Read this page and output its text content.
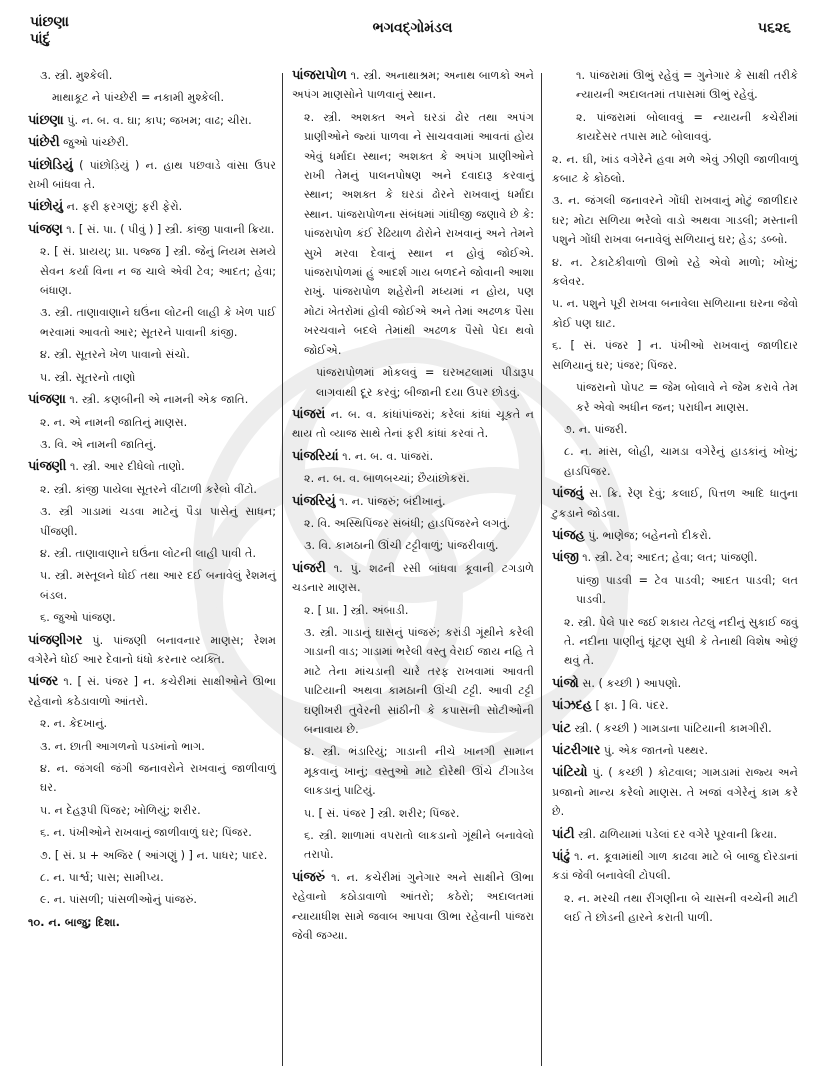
પાંછણા
પાંદું
ભગવદ્ગોમંડલ	૫૬૨૬
૩. સ્ત્રી. મુશ્કેલી.
માથાકૂટ ને પાંચ્છેરી = નકામી મુશ્કેલી.
પાંછણા પું. ન. બ. વ. ઘા; કાપ; જખમ; વાઢ; ચીરા.
પાંછેરી જુઓ પાંચ્છેરી.
પાંછોડિયું ( પાંછોડ઼િયું ) ન. હાથ પછવાડે વાંસા ઉપર રાખી બાંધવા તે.
પાંછોયું ન. ફરી ફરગણું; ફરી ફેરો.
પાંજણ ૧. [ સં. પા. ( પીવું ) ] સ્ત્રી. કાંજી પાવાની ક્રિયા.
૨. [ સં. પ્રાયય્; પ્રા. પજ્જ ] સ્ત્રી. જેનું નિયમ સમયે સેવન કર્યા વિના ન જ ચાલે એવી ટેવ; આદત; હેવા; બંધાણ.
૩. સ્ત્રી. તાણાવાણાને ઘઉંના લોટની લાહી કે ખેળ પાઈ ભરવામાં આવતો આર; સૂતરને પાવાની કાંજી.
૪. સ્ત્રી. સૂતરને ખેળ પાવાનો સંચો.
૫. સ્ત્રી. સૂતરનો તાણો
પાંજણા ૧. સ્ત્રી. કણબીની એ નામની એક જાતિ.
૨. ન. એ નામની જાતિનું માણસ.
૩. વિ. એ નામની જાતિનું.
પાંજણી ૧. સ્ત્રી. આર દીધેલો તાણો.
૨. સ્ત્રી. કાંજી પાયેલા સૂતરને વીંટાળી કરેલો વીંટો.
૩. સ્ત્રી ગાડામાં ચડવા માટેનું પૈડા પાસેનું સાધન; પીંજણી.
૪. સ્ત્રી. તાણાવાણાને ઘઉંના લોટની લાહી પાવી તે.
૫. સ્ત્રી. મસ્તૂલને ધોઈ તથા આર દઈ બનાવેલું રેશમનું બંડલ.
૬. જુઓ પાંજણ.
પાંજણીગર પું. પાંજણી બનાવનાર માણસ; રેશમ વગેરેને ધોઈ આર દેવાનો ધંધો કરનાર વ્યક્તિ.
પાંજર ૧. [ સં. પંજર ] ન. કચેરીમાં સાક્ષીઓને ઊભા રહેવાનો કઠેડાવાળો આંતરો.
૨. ન. કેદખાનું.
૩. ન. છાતી આગળનો પડખાંનો ભાગ.
૪. ન. જંગલી જંગી જનાવરોને રાખવાનું જાળીવાળું ઘર.
૫. ન દેહરૂપી પિંજર; ખોળિયું; શરીર.
૬. ન. પંખીઓને રાખવાનું જાળીવાળું ઘર; પિંજર.
૭. [ સં. પ્ર + અજિર ( આંગણું ) ] ન. પાધર; પાદર.
૮. ન. પાર્શ્વ; પાસ; સામીપ્ય.
૯. ન. પાંસળી; પાંસળીઓનું પાંજરું.
૧૦. ન. બાજુ; દિશા.
પાંજરાપોળ ૧. સ્ત્રી. અનાથાશ્રમ; અનાથ બાળકો અને અપંગ માણસોને પાળવાનું સ્થાન.
૨. સ્ત્રી. અશક્ત અને ઘરડાં ઢોર તથા અપંગ પ્રાણીઓને જ્યાં પાળવા ને સાચવવામાં આવતાં હોય એવું ધર્માદા સ્થાન; અશક્ત કે અપંગ પ્રાણીઓને રાખી તેમનું પાલનપોષણ અને દવાદારૂ કરવાનું સ્થાન; અશક્ત કે ઘરડાં ઢોરને રાખવાનું ધર્માદા સ્થાન. પાંજરાપોળના સંબંધમાં ગાંધીજી જણાવે છે કે: પાંજરાપોળ કંઈ રેઢિયાળ ઢોરોને રાખવાનું અને તેમને સુખે મરવા દેવાનું સ્થાન ન હોવું જોઈએ. પાંજરાપોળમાં હું આદર્શ ગાય બળદને જોવાની આશા રાખું. પાંજરાપોળ શહેરોની મધ્યમાં ન હોય, પણ મોટાં ખેતરોમાં હોવી જોઈએ અને તેમાં અઢળક પૈસા ખરચવાને બદલે તેમાંથી અઢળક પૈસો પેદા થવો જોઈએ.
પાંજરાપોળમાં મોકલવું = ઘરખટલામાં પીડારૂપ લાગવાથી દૂર કરવું; બીજાની દયા ઉપર છોડવું.
પાંજરાં ન. બ. વ. કાંધાંપાંજરાં; કરેલાં કાંધાં ચૂકતે ન થાય તો વ્યાજ સાથે તેનાં ફરી કાંધાં કરવાં તે.
પાંજરિયાં ૧. ન. બ. વ. પાંજરાં.
૨. ન. બ. વ. બાળબચ્ચાં; છૈયાંછોકરાં.
પાંજરિયું ૧. ન. પાંજરું; બંદીખાનું.
૨. વિ. અસ્થિપિંજર સંબંધી; હાડપિંજરને લગતું.
૩. વિ. કામઠાની ઊંચી ટટ્ટીવાળું; પાંજરીવાળું.
પાંજરી ૧. પું. શઢની રસી બાંધવા કૂવાની ટગડાળે ચડનાર માણસ.
૨. [ પ્રા. ] સ્ત્રી. અંબાડી.
૩. સ્ત્રી. ગાડાનું ઘાસનું પાંજરું; કરાંડી ગૂંથીને કરેલી ગાડાની વાડ; ગાડામાં ભરેલી વસ્તુ વેરાઈ જાય નહિ તે માટે તેના માંચડાની ચારે તરફ રાખવામાં આવતી પાટિયાની અથવા કામઠાની ઊંચી ટટ્ટી. આવી ટટ્ટી ઘણીખરી તુવેરની સાંઠીની કે કપાસની સોટીઓની બનાવાય છે.
૪. સ્ત્રી. ભંડારિયું; ગાડાની નીચે ખાનગી સામાન મૂકવાનું ખાનું; વસ્તુઓ માટે દોરેથી ઊંચે ટીંગાડેલ લાકડાનું પાટિયું.
૫. [ સં. પંજર ] સ્ત્રી. શરીર; પિંજર.
૬. સ્ત્રી. શાળામાં વપરાતો લાકડાનો ગૂંથીને બનાવેલો તરાપો.
પાંજરું ૧. ન. કચેરીમાં ગુનેગાર અને સાક્ષીને ઊભા રહેવાનો કઠોડાવાળો આંતરો; કઠેરો; અદાલતમાં ન્યાયાધીશ સામે જવાબ આપવા ઊભા રહેવાની પાંજરા જેવી જગ્યા.
૧. પાંજરામાં ઊભું રહેવું = ગુનેગાર કે સાક્ષી તરીકે ન્યાયની અદાલતમાં તપાસમાં ઊભું રહેવું.
૨. પાંજરામાં બોલાવવું = ન્યાયની કચેરીમાં કાયદેસર તપાસ માટે બોલાવવું.
૨. ન. ઘી, ખાંડ વગેરેને હવા મળે એવું ઝીણી જાળીવાળું કબાટ કે કોઠલો.
૩. ન. જંગલી જનાવરને ગોંધી રાખવાનું મોટું જાળીદાર ઘર; મોટા સળિયા ભરેલો વાડો અથવા ગાડલી; મસ્તાની પશુને ગોંધી રાખવા બનાવેલું સળિયાનું ઘર; હેડ; ડબ્બો.
૪. ન. ટેકાટેકીવાળો ઊભો રહે એવો માળો; ખોખું; કલેવર.
૫. ન. પશુને પૂરી રાખવા બનાવેલા સળિયાના ઘરના જેવો કોઈ પણ ઘાટ.
૬. [ સં. પંજર ] ન. પંખીઓ રાખવાનું જાળીદાર સળિયાનું ઘર; પંજર; પિંજર.
પાંજરાનો પોપટ = જેમ બોલાવે ને જેમ કરાવે તેમ કરે એવો અધીન જન; પરાધીન માણસ.
૭. ન. પાંજરી.
૮. ન. માંસ, લોહી, ચામડા વગેરેનું હાડકાંનું ખોખું; હાડપિંજર.
પાંજવું સ. ક્રિ. રેણ દેવું; કલાઈ, પિત્તળ આદિ ધાતુના ટુકડાને જોડવા.
પાંજહ પું. ભાણેજ; બહેનનો દીકરો.
પાંજી ૧. સ્ત્રી. ટેવ; આદત; હેવા; લત; પાંજણી.
પાંજી પાડવી = ટેવ પાડવી; આદત પાડવી; લત પાડવી.
૨. સ્ત્રી. પેલે પાર જઈ શકાય તેટલું નદીનું સુકાઈ જવું તે. નદીના પાણીનું ઘૂંટણ સુધી કે તેનાથી વિશેષ ઓછું થવું તે.
પાંજો સ. ( કચ્છી ) આપણો.
પાંઝદહ [ ફા. ] વિ. પંદર.
પાંટ સ્ત્રી. ( કચ્છી ) ગામડાના પાંટિયાની કામગીરી.
પાંટરીગાર પું. એક જાતનો પથ્થર.
પાંટિયો પું. ( કચ્છી ) કોટવાલ; ગામડામાં રાજ્ય અને પ્રજાનો માન્ય કરેલો માણસ. તે ખજાં વગેરેનું કામ કરે છે.
પાંટી સ્ત્રી. ઢાળિયામાં પડેલાં દર વગેરે પૂરવાની ક્રિયા.
પાંઢું ૧. ન. કૂવામાંથી ગાળ કાઢવા માટે બે બાજુ દોરડાનાં કડાં જેવી બનાવેલી ટોપલી.
૨. ન. મરચી તથા રીંગણીના બે ચાસની વચ્ચેની માટી લઈ તે છોડની હારને કરાતી પાળી.
